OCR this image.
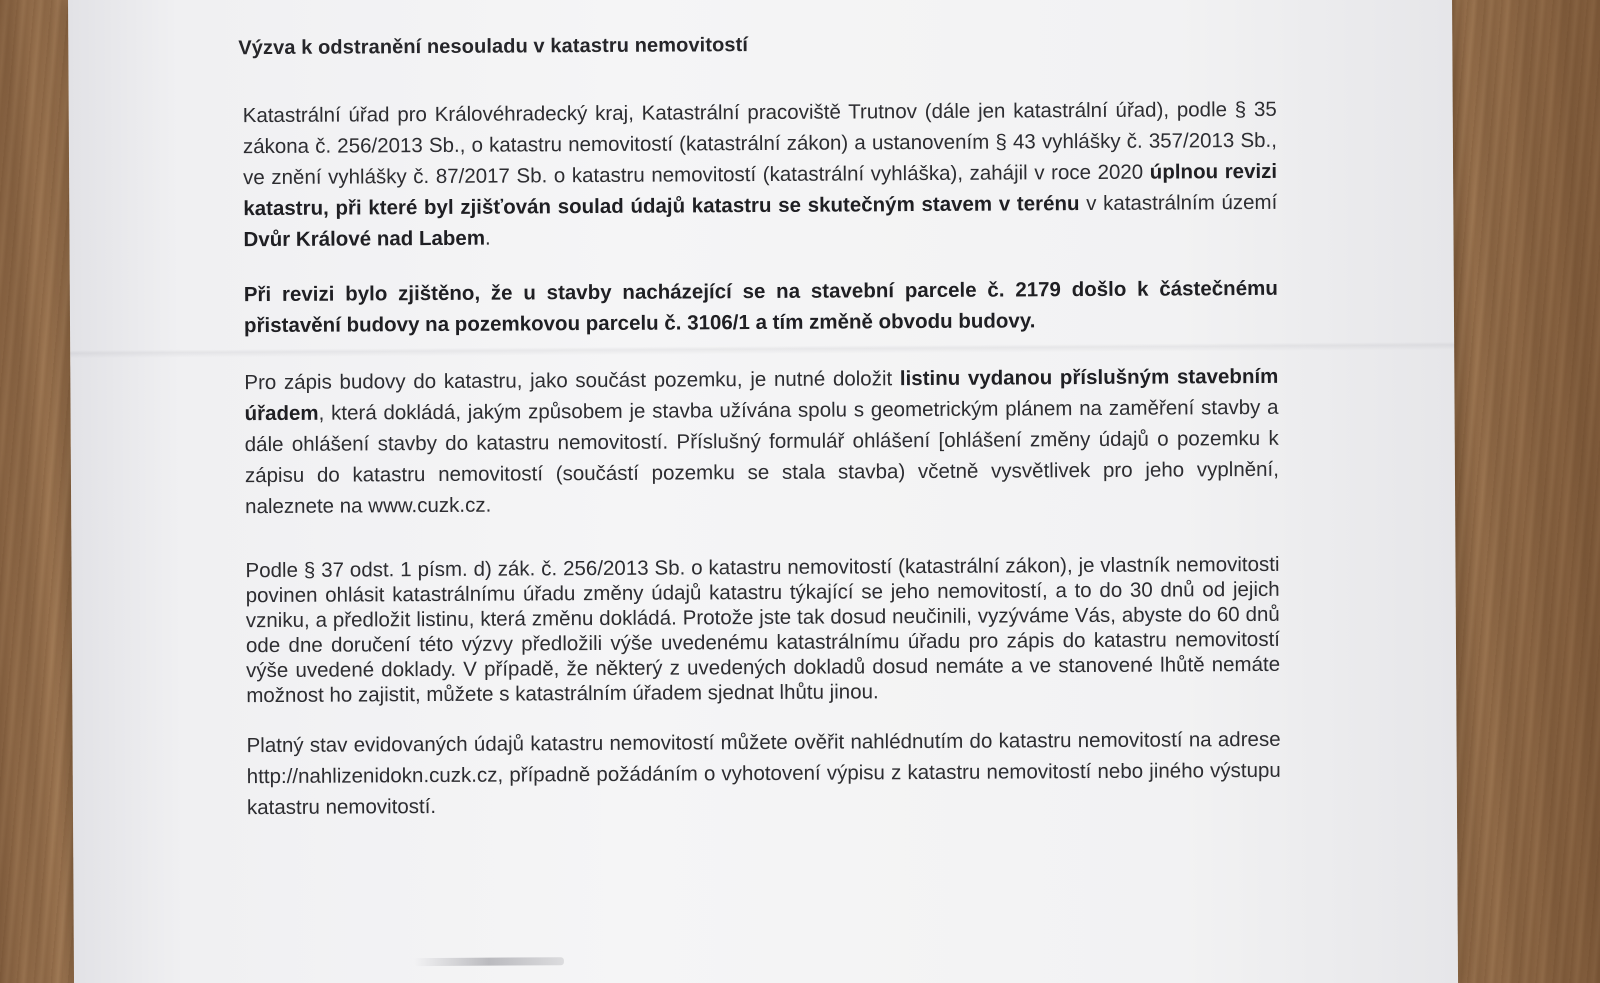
Výzva k odstranění nesouladu v katastru nemovitostí

Katastrální úřad pro Královéhradecký kraj, Katastrální pracoviště Trutnov (dále jen katastrální úřad), podle § 35 zákona č. 256/2013 Sb., o katastru nemovitostí (katastrální zákon) a ustanovením § 43 vyhlášky č. 357/2013 Sb., ve znění vyhlášky č. 87/2017 Sb. o katastru nemovitostí (katastrální vyhláška), zahájil v roce 2020 úplnou revizi katastru, při které byl zjišťován soulad údajů katastru se skutečným stavem v terénu v katastrálním území Dvůr Králové nad Labem.

Při revizi bylo zjištěno, že u stavby nacházející se na stavební parcele č. 2179 došlo k částečnému přistavění budovy na pozemkovou parcelu č. 3106/1 a tím změně obvodu budovy.

Pro zápis budovy do katastru, jako součást pozemku, je nutné doložit listinu vydanou příslušným stavebním úřadem, která dokládá, jakým způsobem je stavba užívána spolu s geometrickým plánem na zaměření stavby a dále ohlášení stavby do katastru nemovitostí. Příslušný formulář ohlášení [ohlášení změny údajů o pozemku k zápisu do katastru nemovitostí (součástí pozemku se stala stavba) včetně vysvětlivek pro jeho vyplnění, naleznete na www.cuzk.cz.

Podle § 37 odst. 1 písm. d) zák. č. 256/2013 Sb. o katastru nemovitostí (katastrální zákon), je vlastník nemovitosti povinen ohlásit katastrálnímu úřadu změny údajů katastru týkající se jeho nemovitostí, a to do 30 dnů od jejich vzniku, a předložit listinu, která změnu dokládá. Protože jste tak dosud neučinili, vyzýváme Vás, abyste do 60 dnů ode dne doručení této výzvy předložili výše uvedenému katastrálnímu úřadu pro zápis do katastru nemovitostí výše uvedené doklady. V případě, že některý z uvedených dokladů dosud nemáte a ve stanovené lhůtě nemáte možnost ho zajistit, můžete s katastrálním úřadem sjednat lhůtu jinou.

Platný stav evidovaných údajů katastru nemovitostí můžete ověřit nahlédnutím do katastru nemovitostí na adrese http://nahlizenidokn.cuzk.cz, případně požádáním o vyhotovení výpisu z katastru nemovitostí nebo jiného výstupu katastru nemovitostí.
